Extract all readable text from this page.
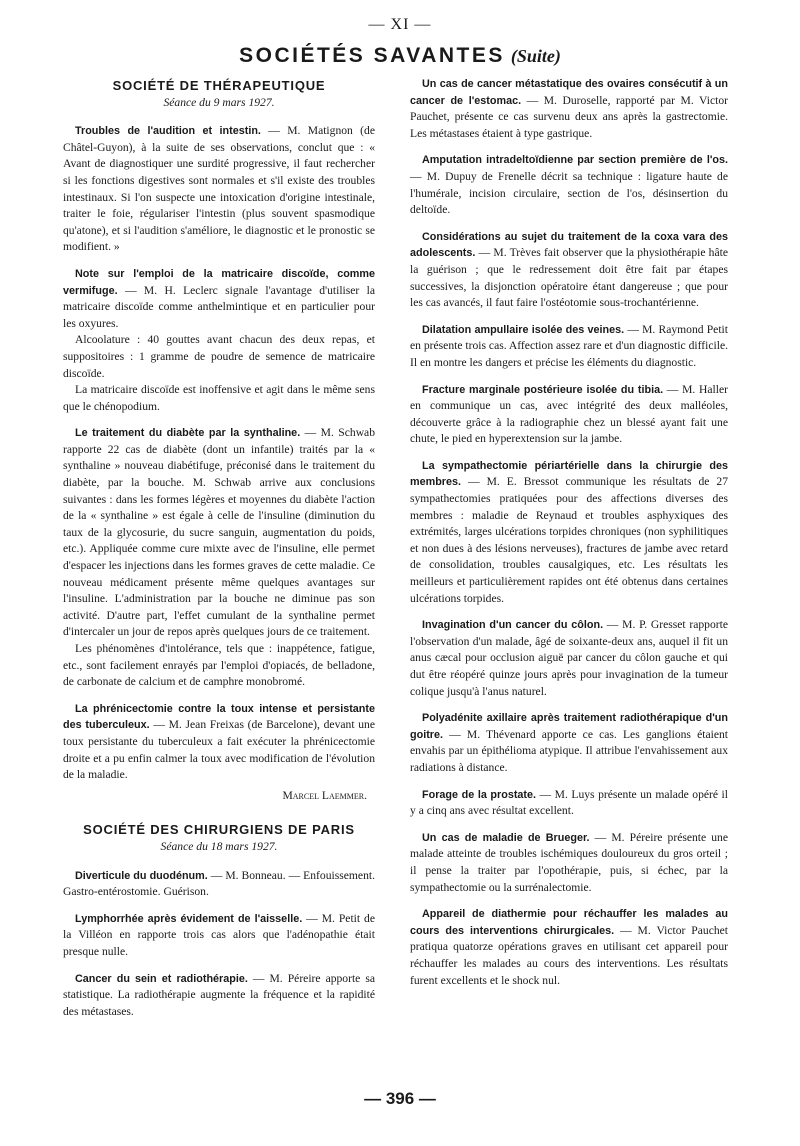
— XI —
SOCIÉTÉS SAVANTES (Suite)

SOCIÉTÉ DE THÉRAPEUTIQUE

Séance du 9 mars 1927.

Troubles de l'audition et intestin. — M. Matignon (de Châtel-Guyon), à la suite de ses observations, conclut que : « Avant de diagnostiquer une surdité progressive, il faut rechercher si les fonctions digestives sont normales et s'il existe des troubles intestinaux. Si l'on suspecte une intoxication d'origine intestinale, traiter le foie, régulariser l'intestin (plus souvent spasmodique qu'atone), et si l'audition s'améliore, le diagnostic et le pronostic se modifient. »
Note sur l'emploi de la matricaire discoïde, comme vermifuge. — M. H. Leclerc signale l'avantage d'utiliser la matricaire discoïde comme anthelmintique et en particulier pour les oxyures.

Alcoolature : 40 gouttes avant chacun des deux repas, et suppositoires : 1 gramme de poudre de semence de matricaire discoïde.

La matricaire discoïde est inoffensive et agit dans le même sens que le chénopodium.

Le traitement du diabète par la synthaline. — M. Schwab rapporte 22 cas de diabète (dont un infantile) traités par la « synthaline » nouveau diabétifuge, préconisé dans le traitement du diabète, par la bouche. M. Schwab arrive aux conclusions suivantes : dans les formes légères et moyennes du diabète l'action de la « synthaline » est égale à celle de l'insuline (diminution du taux de la glycosurie, du sucre sanguin, augmentation du poids, etc.). Appliquée comme cure mixte avec de l'insuline, elle permet d'espacer les injections dans les formes graves de cette maladie. Ce nouveau médicament présente même quelques avantages sur l'insuline. L'administration par la bouche ne diminue pas son activité. D'autre part, l'effet cumulant de la synthaline permet d'intercaler un jour de repos après quelques jours de ce traitement.

Les phénomènes d'intolérance, tels que : inappétence, fatigue, etc., sont facilement enrayés par l'emploi d'opiacés, de belladone, de carbonate de calcium et de camphre monobromé.

La phrénicectomie contre la toux intense et persistante des tuberculeux. — M. Jean Freixas (de Barcelone), devant une toux persistante du tuberculeux a fait exécuter la phrénicectomie droite et a pu enfin calmer la toux avec modification de l'évolution de la maladie.

Marcel Laemmer.

SOCIÉTÉ DES CHIRURGIENS DE PARIS

Séance du 18 mars 1927.

Diverticule du duodénum. — M. Bonneau. — Enfouissement. Gastro-entérostomie. Guérison.
Lymphorrhée après évidement de l'aisselle. — M. Petit de la Villéon en rapporte trois cas alors que l'adénopathie était presque nulle.
Cancer du sein et radiothérapie. — M. Péreire apporte sa statistique. La radiothérapie augmente la fréquence et la rapidité des métastases.
Un cas de cancer métastatique des ovaires consécutif à un cancer de l'estomac. — M. Duroselle, rapporté par M. Victor Pauchet, présente ce cas survenu deux ans après la gastrectomie. Les métastases étaient à type gastrique.
Amputation intradeltoïdienne par section première de l'os. — M. Dupuy de Frenelle décrit sa technique : ligature haute de l'humérale, incision circulaire, section de l'os, désinsertion du deltoïde.
Considérations au sujet du traitement de la coxa vara des adolescents. — M. Trèves fait observer que la physiothérapie hâte la guérison ; que le redressement doit être fait par étapes successives, la disjonction opératoire étant dangereuse ; que pour les cas avancés, il faut faire l'ostéotomie sous-trochantérienne.
Dilatation ampullaire isolée des veines. — M. Raymond Petit en présente trois cas. Affection assez rare et d'un diagnostic difficile. Il en montre les dangers et précise les éléments du diagnostic.
Fracture marginale postérieure isolée du tibia. — M. Haller en communique un cas, avec intégrité des deux malléoles, découverte grâce à la radiographie chez un blessé ayant fait une chute, le pied en hyperextension sur la jambe.
La sympathectomie périartérielle dans la chirurgie des membres. — M. E. Bressot communique les résultats de 27 sympathectomies pratiquées pour des affections diverses des membres : maladie de Reynaud et troubles asphyxiques des extrémités, larges ulcérations torpides chroniques (non syphilitiques et non dues à des lésions nerveuses), fractures de jambe avec retard de consolidation, troubles causalgiques, etc. Les résultats les meilleurs et particulièrement rapides ont été obtenus dans certaines ulcérations torpides.
Invagination d'un cancer du côlon. — M. P. Gresset rapporte l'observation d'un malade, âgé de soixante-deux ans, auquel il fit un anus cæcal pour occlusion aiguë par cancer du côlon gauche et qui dut être réopéré quinze jours après pour invagination de la tumeur colique jusqu'à l'anus naturel.
Polyadénite axillaire après traitement radiothérapique d'un goitre. — M. Thévenard apporte ce cas. Les ganglions étaient envahis par un épithélioma atypique. Il attribue l'envahissement aux radiations à distance.
Forage de la prostate. — M. Luys présente un malade opéré il y a cinq ans avec résultat excellent.
Un cas de maladie de Brueger. — M. Péreire présente une malade atteinte de troubles ischémiques douloureux du gros orteil ; il pense la traiter par l'opothérapie, puis, si échec, par la sympathectomie ou la surrénalectomie.
Appareil de diathermie pour réchauffer les malades au cours des interventions chirurgicales. — M. Victor Pauchet pratiqua quatorze opérations graves en utilisant cet appareil pour réchauffer les malades au cours des interventions. Les résultats furent excellents et le shock nul.
— 396 —
